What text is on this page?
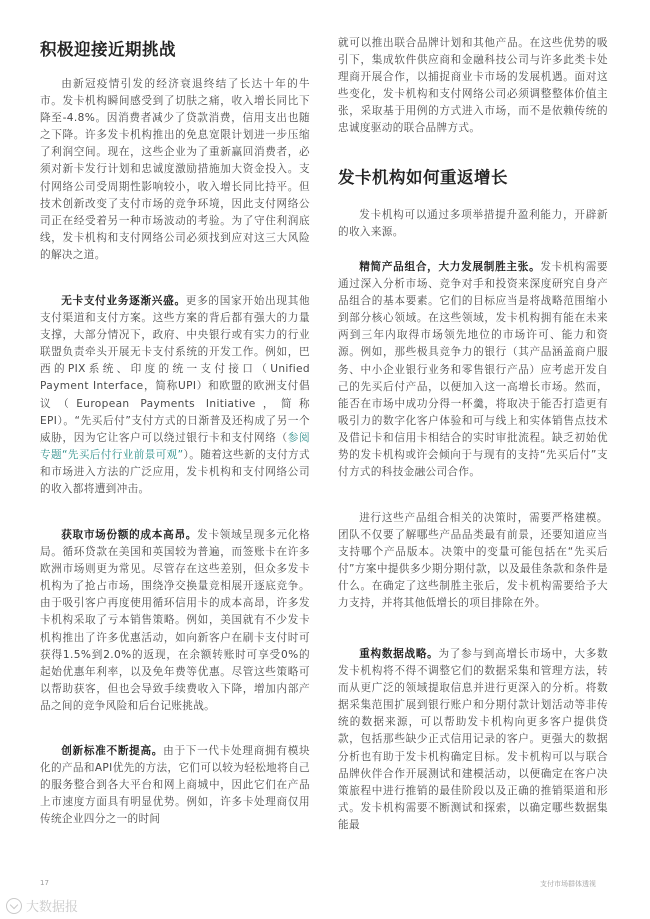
积极迎接近期挑战

由新冠疫情引发的经济衰退终结了长达十年的牛市。发卡机构瞬间感受到了切肤之痛，收入增长同比下降至-4.8%。因消费者减少了贷款消费，信用支出也随之下降。许多发卡机构推出的免息宽限计划进一步压缩了利润空间。现在，这些企业为了重新赢回消费者，必须对新卡发行计划和忠诚度激励措施加大资金投入。支付网络公司受周期性影响较小，收入增长同比持平。但技术创新改变了支付市场的竞争环境，因此支付网络公司正在经受着另一种市场波动的考验。为了守住利润底线，发卡机构和支付网络公司必须找到应对这三大风险的解决之道。

无卡支付业务逐渐兴盛。更多的国家开始出现其他支付渠道和支付方案。这些方案的背后都有强大的力量支撑，大部分情况下，政府、中央银行或有实力的行业联盟负责牵头开展无卡支付系统的开发工作。例如，巴西的PIX系统、印度的统一支付接口（Unified Payment Interface，简称UPI）和欧盟的欧洲支付倡议（European Payments Initiative，简称EPI）。“先买后付”支付方式的日渐普及还构成了另一个威胁，因为它让客户可以绕过银行卡和支付网络（参阅专题“先买后付行业前景可观”）。随着这些新的支付方式和市场进入方法的广泛应用，发卡机构和支付网络公司的收入都将遭到冲击。

获取市场份额的成本高昂。发卡领域呈现多元化格局。循环贷款在美国和英国较为普遍，而签账卡在许多欧洲市场则更为常见。尽管存在这些差别，但众多发卡机构为了抢占市场，围绕净交换量竞相展开逐底竞争。由于吸引客户再度使用循环信用卡的成本高昂，许多发卡机构采取了亏本销售策略。例如，美国就有不少发卡机构推出了许多优惠活动，如向新客户在刷卡支付时可获得1.5%到2.0%的返现，在余额转账时可享受0%的起始优惠年利率，以及免年费等优惠。尽管这些策略可以帮助获客，但也会导致手续费收入下降，增加内部产品之间的竞争风险和后台记账挑战。

创新标准不断提高。由于下一代卡处理商拥有模块化的产品和API优先的方法，它们可以较为轻松地将自己的服务整合到各大平台和网上商城中，因此它们在产品上市速度方面具有明显优势。例如，许多卡处理商仅用传统企业四分之一的时间

就可以推出联合品牌计划和其他产品。在这些优势的吸引下，集成软件供应商和金融科技公司与许多此类卡处理商开展合作，以捕捉商业卡市场的发展机遇。面对这些变化，发卡机构和支付网络公司必须调整整体价值主张，采取基于用例的方式进入市场，而不是依赖传统的忠诚度驱动的联合品牌方式。

发卡机构如何重返增长

发卡机构可以通过多项举措提升盈利能力，开辟新的收入来源。

精简产品组合，大力发展制胜主张。发卡机构需要通过深入分析市场、竞争对手和投资来深度研究自身产品组合的基本要素。它们的目标应当是将战略范围缩小到部分核心领域。在这些领域，发卡机构拥有能在未来两到三年内取得市场领先地位的市场许可、能力和资源。例如，那些极具竞争力的银行（其产品涵盖商户服务、中小企业银行业务和零售银行产品）应考虑开发自己的先买后付产品，以便加入这一高增长市场。然而，能否在市场中成功分得一杯羹，将取决于能否打造更有吸引力的数字化客户体验和可与线上和实体销售点技术及借记卡和信用卡相结合的实时审批流程。缺乏初始优势的发卡机构或许会倾向于与现有的支持“先买后付”支付方式的科技金融公司合作。

进行这些产品组合相关的决策时，需要严格建模。团队不仅要了解哪些产品品类最有前景，还要知道应当支持哪个产品版本。决策中的变量可能包括在“先买后付”方案中提供多少期分期付款，以及最佳条款和条件是什么。在确定了这些制胜主张后，发卡机构需要给予大力支持，并将其他低增长的项目排除在外。

重构数据战略。为了参与到高增长市场中，大多数发卡机构将不得不调整它们的数据采集和管理方法，转而从更广泛的领域提取信息并进行更深入的分析。将数据采集范围扩展到银行账户和分期付款计划活动等非传统的数据来源，可以帮助发卡机构向更多客户提供贷款，包括那些缺少正式信用记录的客户。更强大的数据分析也有助于发卡机构确定目标。发卡机构可以与联合品牌伙伴合作开展测试和建模活动，以便确定在客户决策旅程中进行推销的最佳阶段以及正确的推销渠道和形式。发卡机构需要不断测试和探索，以确定哪些数据集能最

17	支付市场群体透视
大数据报
